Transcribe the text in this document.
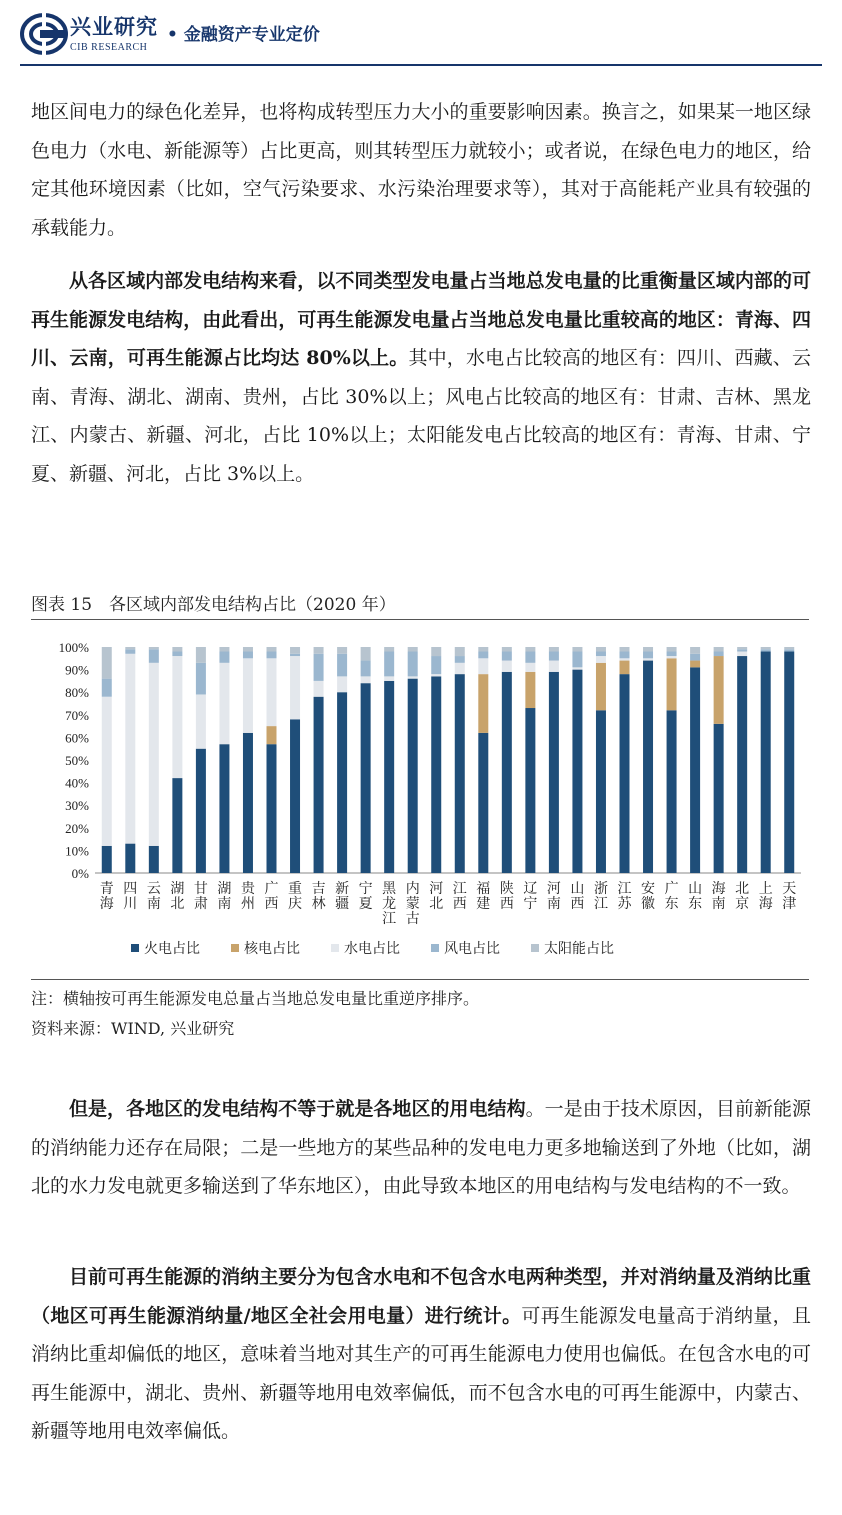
兴业研究
CIB RESEARCH
• 金融资产专业定价

地区间电力的绿色化差异，也将构成转型压力大小的重要影响因素。换言之，如果某一地区绿色电力（水电、新能源等）占比更高，则其转型压力就较小；或者说，在绿色电力的地区，给定其他环境因素（比如，空气污染要求、水污染治理要求等），其对于高能耗产业具有较强的承载能力。

从各区域内部发电结构来看，以不同类型发电量占当地总发电量的比重衡量区域内部的可再生能源发电结构，由此看出，可再生能源发电量占当地总发电量比重较高的地区：青海、四川、云南，可再生能源占比均达 80%以上。其中，水电占比较高的地区有：四川、西藏、云南、青海、湖北、湖南、贵州，占比 30%以上；风电占比较高的地区有：甘肃、吉林、黑龙江、内蒙古、新疆、河北，占比 10%以上；太阳能发电占比较高的地区有：青海、甘肃、宁夏、新疆、河北，占比 3%以上。

图表 15　各区域内部发电结构占比（2020 年）
0%
10%
20%
30%
40%
50%
60%
70%
80%
90%
100%
青
海
四
川
云
南
湖
北
甘
肃
湖
南
贵
州
广
西
重
庆
吉
林
新
疆
宁
夏
黑
龙
江
内
蒙
古
河
北
江
西
福
建
陕
西
辽
宁
河
南
山
西
浙
江
江
苏
安
徽
广
东
山
东
海
南
北
京
上
海
天
津
火电占比	核电占比	水电占比	风电占比	太阳能占比
注：横轴按可再生能源发电总量占当地总发电量比重逆序排序。
资料来源：WIND, 兴业研究

但是，各地区的发电结构不等于就是各地区的用电结构。一是由于技术原因，目前新能源的消纳能力还存在局限；二是一些地方的某些品种的发电电力更多地输送到了外地（比如，湖北的水力发电就更多输送到了华东地区），由此导致本地区的用电结构与发电结构的不一致。

目前可再生能源的消纳主要分为包含水电和不包含水电两种类型，并对消纳量及消纳比重（地区可再生能源消纳量/地区全社会用电量）进行统计。可再生能源发电量高于消纳量，且消纳比重却偏低的地区，意味着当地对其生产的可再生能源电力使用也偏低。在包含水电的可再生能源中，湖北、贵州、新疆等地用电效率偏低，而不包含水电的可再生能源中，内蒙古、新疆等地用电效率偏低。
